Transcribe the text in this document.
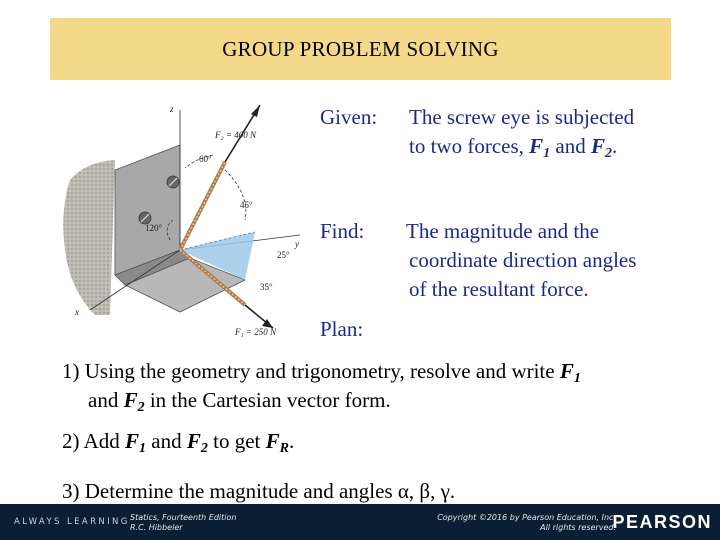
GROUP PROBLEM SOLVING
z
y
x
F₂ = 400 N
60°
45°
120°
25°
35°
F₁ = 250 N
Given: The screw eye is subjected
to two forces, $F_1$ and $F_2$.
Find: The magnitude and the
coordinate direction angles
of the resultant force.
Plan:
1) Using the geometry and trigonometry, resolve and write $F_1$
and $F_2$ in the Cartesian vector form.
2) Add $F_1$ and $F_2$ to get $F_R$.
3) Determine the magnitude and angles α, β, γ.
ALWAYS LEARNING Statics, Fourteenth Edition
R.C. Hibbeler
Copyright ©2016 by Pearson Education, Inc.
All rights reserved.
PEARSON
